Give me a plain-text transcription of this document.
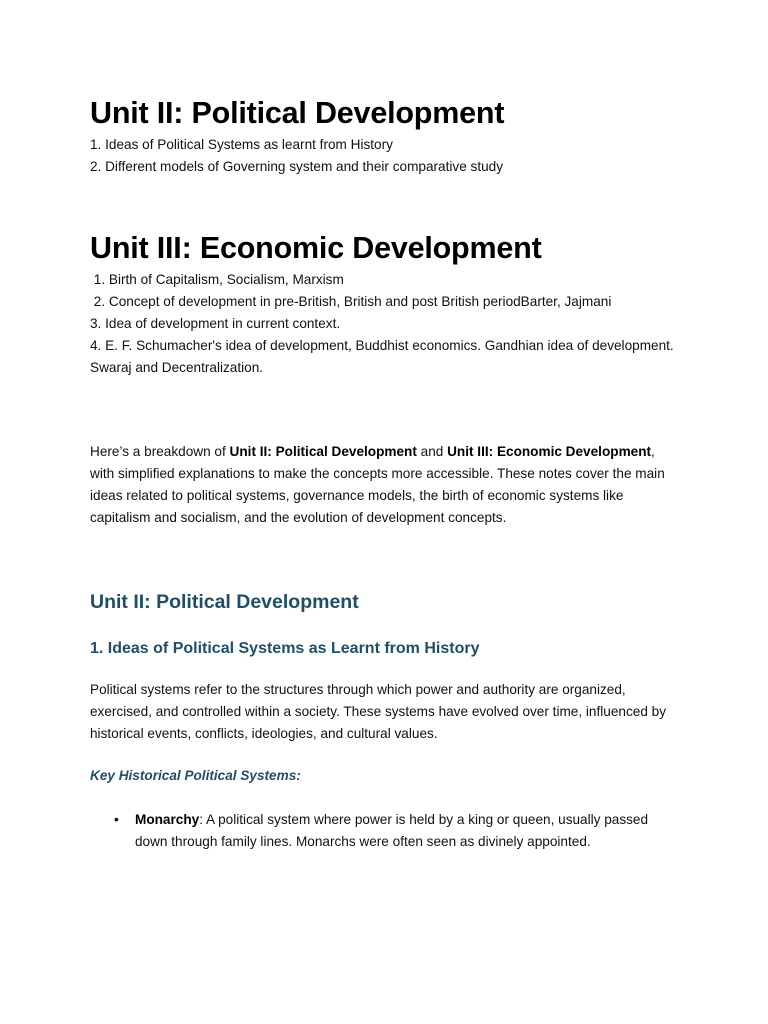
Unit II: Political Development
1. Ideas of Political Systems as learnt from History
2. Different models of Governing system and their comparative study
Unit III: Economic Development
1. Birth of Capitalism, Socialism, Marxism
2. Concept of development in pre-British, British and post British periodBarter, Jajmani
3. Idea of development in current context.
4. E. F. Schumacher's idea of development, Buddhist economics. Gandhian idea of development. Swaraj and Decentralization.

Here’s a breakdown of Unit II: Political Development and Unit III: Economic Development, with simplified explanations to make the concepts more accessible. These notes cover the main ideas related to political systems, governance models, the birth of economic systems like capitalism and socialism, and the evolution of development concepts.

Unit II: Political Development
1. Ideas of Political Systems as Learnt from History

Political systems refer to the structures through which power and authority are organized, exercised, and controlled within a society. These systems have evolved over time, influenced by historical events, conflicts, ideologies, and cultural values.

Key Historical Political Systems:
• Monarchy: A political system where power is held by a king or queen, usually passed down through family lines. Monarchs were often seen as divinely appointed.
